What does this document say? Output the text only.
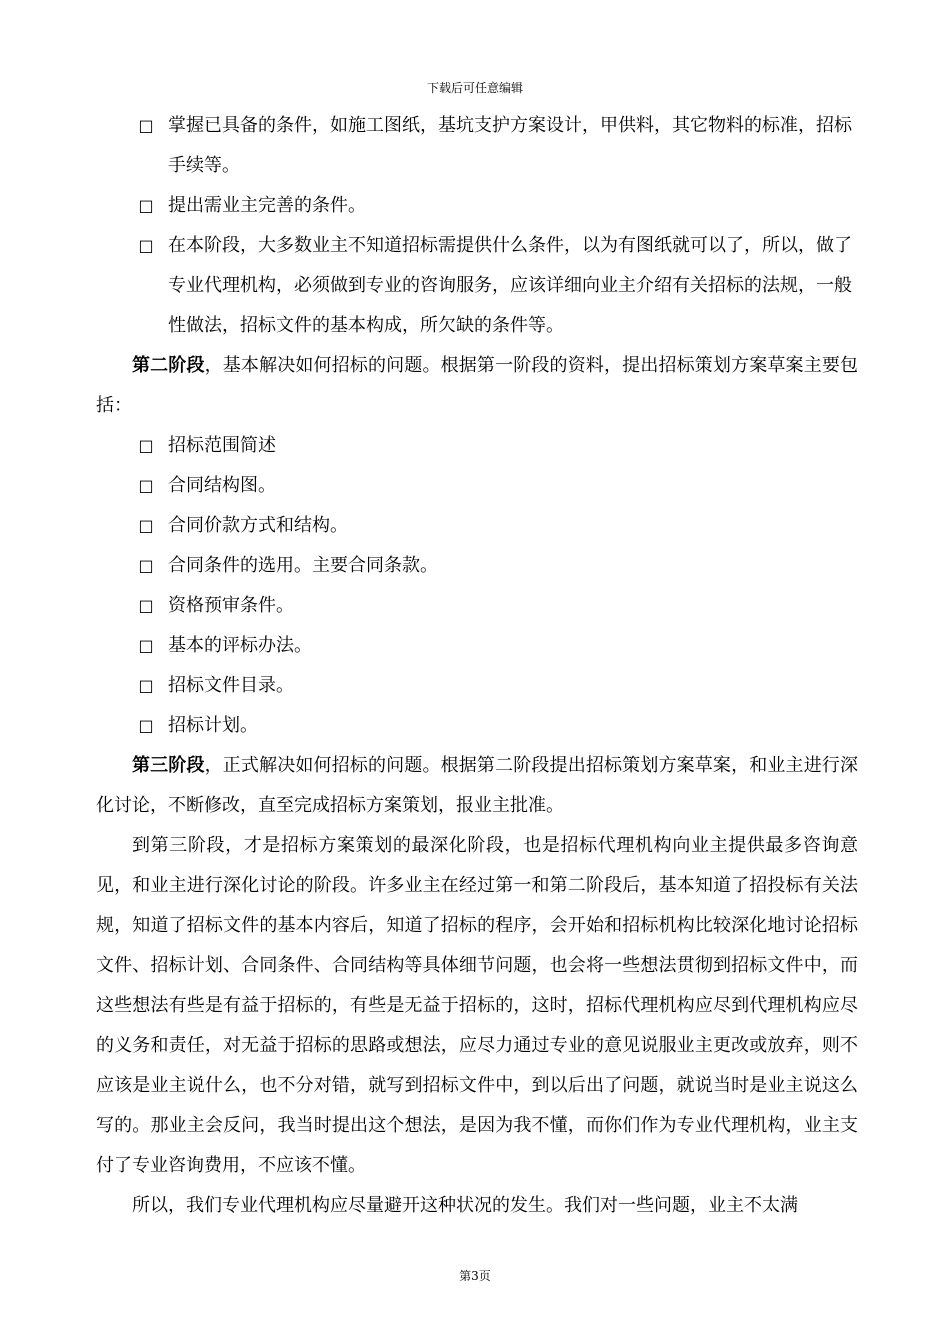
下载后可任意编辑
□ 掌握已具备的条件，如施工图纸，基坑支护方案设计，甲供料，其它物料的标准，招标手续等。
□ 提出需业主完善的条件。
□ 在本阶段，大多数业主不知道招标需提供什么条件，以为有图纸就可以了，所以，做了专业代理机构，必须做到专业的咨询服务，应该详细向业主介绍有关招标的法规，一般性做法，招标文件的基本构成，所欠缺的条件等。
第二阶段，基本解决如何招标的问题。根据第一阶段的资料，提出招标策划方案草案主要包括：
□ 招标范围简述
□ 合同结构图。
□ 合同价款方式和结构。
□ 合同条件的选用。主要合同条款。
□ 资格预审条件。
□ 基本的评标办法。
□ 招标文件目录。
□ 招标计划。
第三阶段，正式解决如何招标的问题。根据第二阶段提出招标策划方案草案，和业主进行深化讨论，不断修改，直至完成招标方案策划，报业主批准。
到第三阶段，才是招标方案策划的最深化阶段，也是招标代理机构向业主提供最多咨询意见，和业主进行深化讨论的阶段。许多业主在经过第一和第二阶段后，基本知道了招投标有关法规，知道了招标文件的基本内容后，知道了招标的程序，会开始和招标机构比较深化地讨论招标文件、招标计划、合同条件、合同结构等具体细节问题，也会将一些想法贯彻到招标文件中，而这些想法有些是有益于招标的，有些是无益于招标的，这时，招标代理机构应尽到代理机构应尽的义务和责任，对无益于招标的思路或想法，应尽力通过专业的意见说服业主更改或放弃，则不应该是业主说什么，也不分对错，就写到招标文件中，到以后出了问题，就说当时是业主说这么写的。那业主会反问，我当时提出这个想法，是因为我不懂，而你们作为专业代理机构，业主支付了专业咨询费用，不应该不懂。
所以，我们专业代理机构应尽量避开这种状况的发生。我们对一些问题，业主不太满
第3页
